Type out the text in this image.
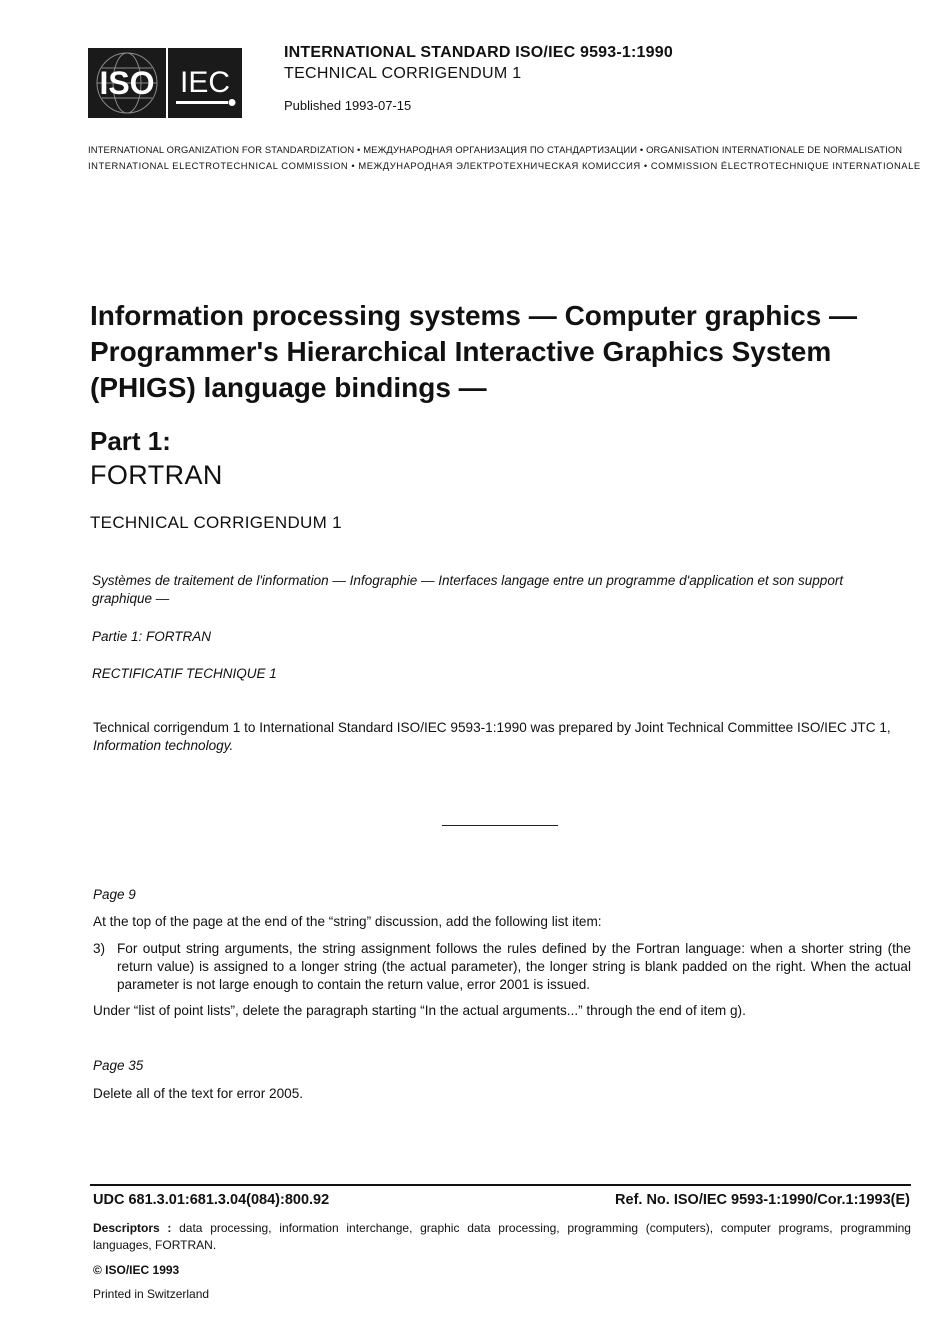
ISO IEC
INTERNATIONAL STANDARD ISO/IEC 9593-1:1990
TECHNICAL CORRIGENDUM 1
Published 1993-07-15
INTERNATIONAL ORGANIZATION FOR STANDARDIZATION • МЕЖДУНАРОДНАЯ ОРГАНИЗАЦИЯ ПО СТАНДАРТИЗАЦИИ • ORGANISATION INTERNATIONALE DE NORMALISATION
INTERNATIONAL ELECTROTECHNICAL COMMISSION • МЕЖДУНАРОДНАЯ ЭЛЕКТРОТЕХНИЧЕСКАЯ КОМИССИЯ • COMMISSION ÉLECTROTECHNIQUE INTERNATIONALE
Information processing systems — Computer graphics —
Programmer's Hierarchical Interactive Graphics System
(PHIGS) language bindings —
Part 1:
FORTRAN
TECHNICAL CORRIGENDUM 1
Systèmes de traitement de l'information — Infographie — Interfaces langage entre un programme d'application et son support graphique —
Partie 1: FORTRAN
RECTIFICATIF TECHNIQUE 1
Technical corrigendum 1 to International Standard ISO/IEC 9593-1:1990 was prepared by Joint Technical Committee ISO/IEC JTC 1, Information technology.
Page 9
At the top of the page at the end of the “string” discussion, add the following list item:
3) For output string arguments, the string assignment follows the rules defined by the Fortran language: when a shorter string (the return value) is assigned to a longer string (the actual parameter), the longer string is blank padded on the right. When the actual parameter is not large enough to contain the return value, error 2001 is issued.
Under “list of point lists”, delete the paragraph starting “In the actual arguments...” through the end of item g).
Page 35
Delete all of the text for error 2005.
UDC 681.3.01:681.3.04(084):800.92	Ref. No. ISO/IEC 9593-1:1990/Cor.1:1993(E)
Descriptors : data processing, information interchange, graphic data processing, programming (computers), computer programs, programming languages, FORTRAN.
© ISO/IEC 1993
Printed in Switzerland
